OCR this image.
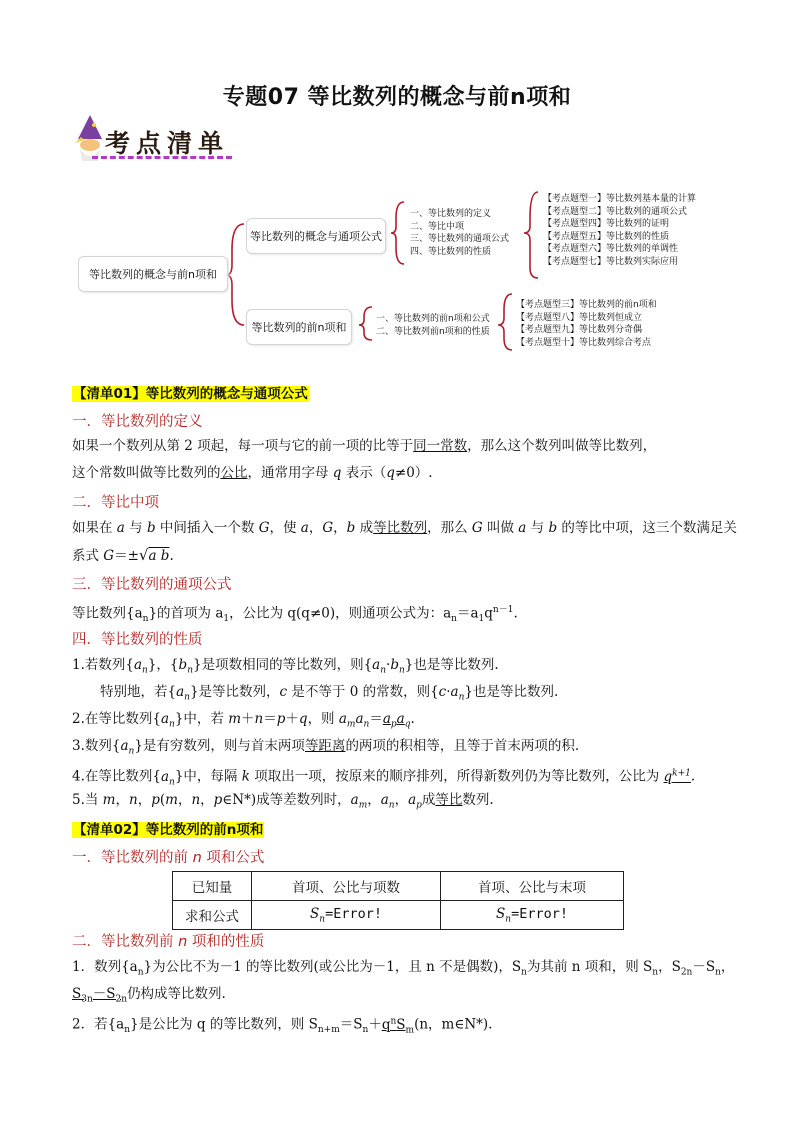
专题07 等比数列的概念与前n项和
考点清单
等比数列的概念与前n项和
等比数列的概念与通项公式
等比数列的前n项和
一、等比数列的定义
二、等比中项
三、等比数列的通项公式
四、等比数列的性质
【考点题型一】等比数列基本量的计算
【考点题型二】等比数列的通项公式
【考点题型四】等比数列的证明
【考点题型五】等比数列的性质
【考点题型六】等比数列的单调性
【考点题型七】等比数列实际应用
一、等比数列的前n项和公式
二、等比数列前n项和的性质
【考点题型三】等比数列的前n项和
【考点题型八】等比数列恒成立
【考点题型九】等比数列分奇偶
【考点题型十】等比数列综合考点
【清单01】等比数列的概念与通项公式
一．等比数列的定义
如果一个数列从第 2 项起，每一项与它的前一项的比等于同一常数，那么这个数列叫做等比数列，
这个常数叫做等比数列的公比，通常用字母 q 表示（q≠0）.
二．等比中项
如果在 a 与 b 中间插入一个数 G，使 a，G，b 成等比数列，那么 G 叫做 a 与 b 的等比中项，这三个数满足关
系式 G＝±√a b.
三．等比数列的通项公式
等比数列$\{a_n\}$的首项为 $a_1$，公比为 q(q≠0)，则通项公式为：$a_n=a_1q^{n-1}$.
四．等比数列的性质
1.若数列$\{a_n\}$，$\{b_n\}$是项数相同的等比数列，则$\{a_n\cdot b_n\}$也是等比数列.
特别地，若$\{a_n\}$是等比数列，c 是不等于 0 的常数，则$\{c\cdot a_n\}$也是等比数列.
2.在等比数列$\{a_n\}$中，若 m＋n＝p＋q，则 $a_ma_n=a_pa_q$.
3.数列$\{a_n\}$是有穷数列，则与首末两项等距离的两项的积相等，且等于首末两项的积.
4.在等比数列$\{a_n\}$中，每隔 k 项取出一项，按原来的顺序排列，所得新数列仍为等比数列，公比为 $q^{k+1}$.
5.当 m，n，p(m，n，p∈N*)成等差数列时，$a_m$，$a_n$，$a_p$成等比数列.
【清单02】等比数列的前n项和
一．等比数列的前 n 项和公式
已知量	首项、公比与项数	首项、公比与末项
求和公式	$S_n=Error$!	$S_n=Error$!
二．等比数列前 n 项和的性质
1．数列$\{a_n\}$为公比不为－1 的等比数列(或公比为－1，且 n 不是偶数)，$S_n$为其前 n 项和，则 $S_n$，$S_{2n}-S_n$，
$S_{3n}-S_{2n}$仍构成等比数列.
2．若$\{a_n\}$是公比为 q 的等比数列，则 $S_{n+m}=S_n+q^nS_m(n$，m∈N*).
